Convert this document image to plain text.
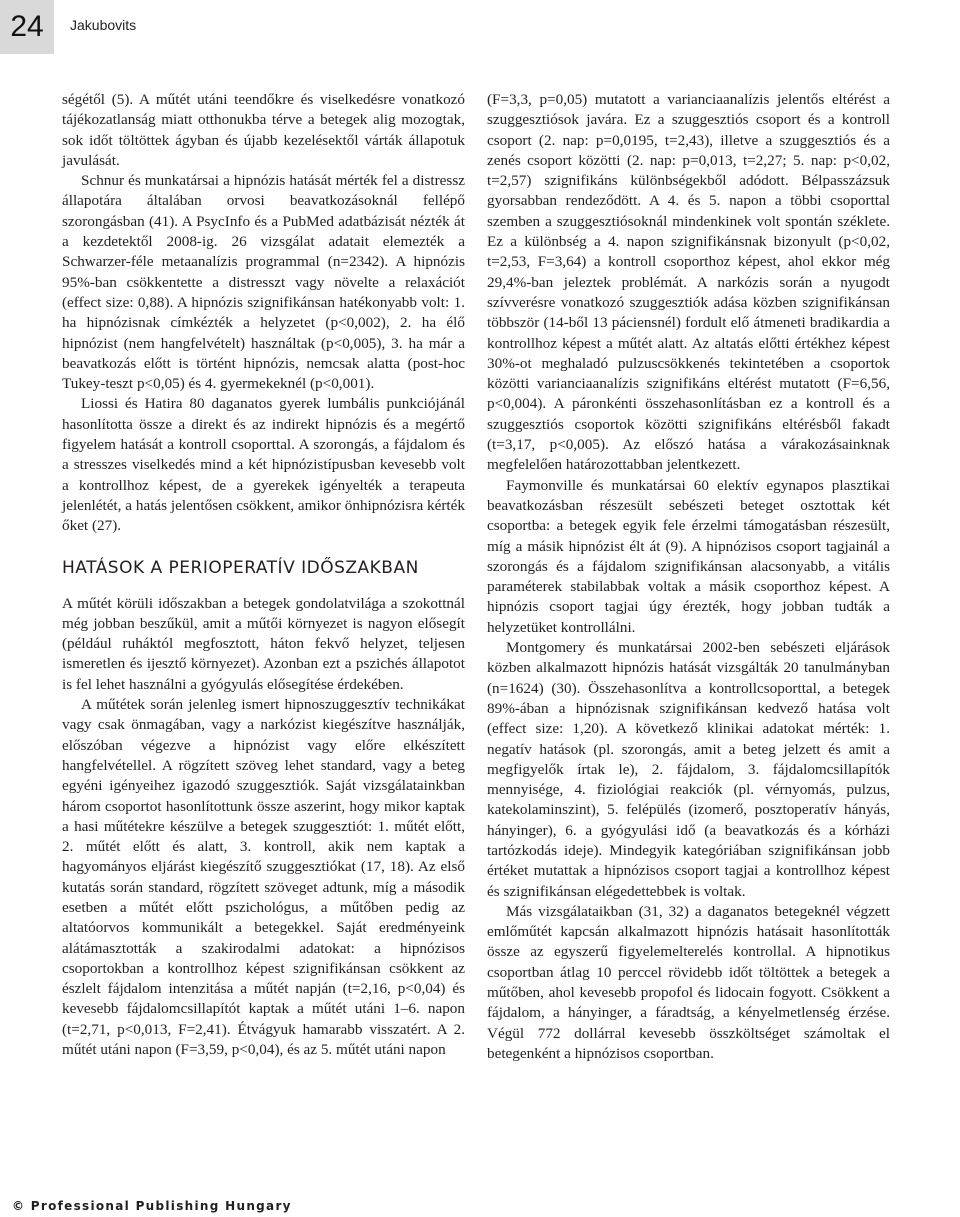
24	Jakubovits

ségétől (5). A műtét utáni teendőkre és viselkedésre vonatkozó tájékozatlanság miatt otthonukba térve a betegek alig mozogtak, sok időt töltöttek ágyban és újabb kezelésektől várták állapotuk javulását.

Schnur és munkatársai a hipnózis hatását mérték fel a distressz állapotára általában orvosi beavatkozásoknál fellépő szorongásban (41). A PsycInfo és a PubMed adatbázisát nézték át a kezdetektől 2008-ig. 26 vizsgálat adatait elemezték a Schwarzer-féle metaanalízis programmal (n=2342). A hipnózis 95%-ban csökkentette a distresszt vagy növelte a relaxációt (effect size: 0,88). A hipnózis szignifikánsan hatékonyabb volt: 1. ha hipnózisnak címkézték a helyzetet (p<0,002), 2. ha élő hipnózist (nem hangfelvételt) használtak (p<0,005), 3. ha már a beavatkozás előtt is történt hipnózis, nemcsak alatta (post-hoc Tukey-teszt p<0,05) és 4. gyermekeknél (p<0,001).

Liossi és Hatira 80 daganatos gyerek lumbális punkciójánál hasonlította össze a direkt és az indirekt hipnózis és a megértő figyelem hatását a kontroll csoporttal. A szorongás, a fájdalom és a stresszes viselkedés mind a két hipnózistípusban kevesebb volt a kontrollhoz képest, de a gyerekek igényelték a terapeuta jelenlétét, a hatás jelentősen csökkent, amikor önhipnózisra kérték őket (27).

HATÁSOK A PERIOPERATÍV IDŐSZAKBAN

A műtét körüli időszakban a betegek gondolatvilága a szokottnál még jobban beszűkül, amit a műtői környezet is nagyon elősegít (például ruháktól megfosztott, háton fekvő helyzet, teljesen ismeretlen és ijesztő környezet). Azonban ezt a pszichés állapotot is fel lehet használni a gyógyulás elősegítése érdekében.

A műtétek során jelenleg ismert hipnoszuggesztív technikákat vagy csak önmagában, vagy a narkózist kiegészítve használják, előszóban végezve a hipnózist vagy előre elkészített hangfelvétellel. A rögzített szöveg lehet standard, vagy a beteg egyéni igényeihez igazodó szuggesztiók. Saját vizsgálatainkban három csoportot hasonlítottunk össze aszerint, hogy mikor kaptak a hasi műtétekre készülve a betegek szuggesztiót: 1. műtét előtt, 2. műtét előtt és alatt, 3. kontroll, akik nem kaptak a hagyományos eljárást kiegészítő szuggesztiókat (17, 18). Az első kutatás során standard, rögzített szöveget adtunk, míg a második esetben a műtét előtt pszichológus, a műtőben pedig az altatóorvos kommunikált a betegekkel. Saját eredményeink alátámasztották a szakirodalmi adatokat: a hipnózisos csoportokban a kontrollhoz képest szignifikánsan csökkent az észlelt fájdalom intenzitása a műtét napján (t=2,16, p<0,04) és kevesebb fájdalomcsillapítót kaptak a műtét utáni 1–6. napon (t=2,71, p<0,013, F=2,41). Étvágyuk hamarabb visszatért. A 2. műtét utáni napon (F=3,59, p<0,04), és az 5. műtét utáni napon

(F=3,3, p=0,05) mutatott a varianciaanalízis jelentős eltérést a szuggesztiósok javára. Ez a szuggesztiós csoport és a kontroll csoport (2. nap: p=0,0195, t=2,43), illetve a szuggesztiós és a zenés csoport közötti (2. nap: p=0,013, t=2,27; 5. nap: p<0,02, t=2,57) szignifikáns különbségekből adódott. Bélpasszázsuk gyorsabban rendeződött. A 4. és 5. napon a többi csoporttal szemben a szuggesztiósoknál mindenkinek volt spontán széklete. Ez a különbség a 4. napon szignifikánsnak bizonyult (p<0,02, t=2,53, F=3,64) a kontroll csoporthoz képest, ahol ekkor még 29,4%-ban jeleztek problémát. A narkózis során a nyugodt szívverésre vonatkozó szuggesztiók adása közben szignifikánsan többször (14-ből 13 páciensnél) fordult elő átmeneti bradikardia a kontrollhoz képest a műtét alatt. Az altatás előtti értékhez képest 30%-ot meghaladó pulzuscsökkenés tekintetében a csoportok közötti varianciaanalízis szignifikáns eltérést mutatott (F=6,56, p<0,004). A páronkénti összehasonlításban ez a kontroll és a szuggesztiós csoportok közötti szignifikáns eltérésből fakadt (t=3,17, p<0,005). Az előszó hatása a várakozásainknak megfelelően határozottabban jelentkezett.

Faymonville és munkatársai 60 elektív egynapos plasztikai beavatkozásban részesült sebészeti beteget osztottak két csoportba: a betegek egyik fele érzelmi támogatásban részesült, míg a másik hipnózist élt át (9). A hipnózisos csoport tagjainál a szorongás és a fájdalom szignifikánsan alacsonyabb, a vitális paraméterek stabilabbak voltak a másik csoporthoz képest. A hipnózis csoport tagjai úgy érezték, hogy jobban tudták a helyzetüket kontrollálni.

Montgomery és munkatársai 2002-ben sebészeti eljárások közben alkalmazott hipnózis hatását vizsgálták 20 tanulmányban (n=1624) (30). Összehasonlítva a kontrollcsoporttal, a betegek 89%-ában a hipnózisnak szignifikánsan kedvező hatása volt (effect size: 1,20). A következő klinikai adatokat mérték: 1. negatív hatások (pl. szorongás, amit a beteg jelzett és amit a megfigyelők írtak le), 2. fájdalom, 3. fájdalomcsillapítók mennyisége, 4. fiziológiai reakciók (pl. vérnyomás, pulzus, katekolaminszint), 5. felépülés (izomerő, posztoperatív hányás, hányinger), 6. a gyógyulási idő (a beavatkozás és a kórházi tartózkodás ideje). Mindegyik kategóriában szignifikánsan jobb értéket mutattak a hipnózisos csoport tagjai a kontrollhoz képest és szignifikánsan elégedettebbek is voltak.

Más vizsgálataikban (31, 32) a daganatos betegeknél végzett emlőműtét kapcsán alkalmazott hipnózis hatásait hasonlították össze az egyszerű figyelemelterelés kontrollal. A hipnotikus csoportban átlag 10 perccel rövidebb időt töltöttek a betegek a műtőben, ahol kevesebb propofol és lidocain fogyott. Csökkent a fájdalom, a hányinger, a fáradtság, a kényelmetlenség érzése. Végül 772 dollárral kevesebb összköltséget számoltak el betegenként a hipnózisos csoportban.

© Professional Publishing Hungary
